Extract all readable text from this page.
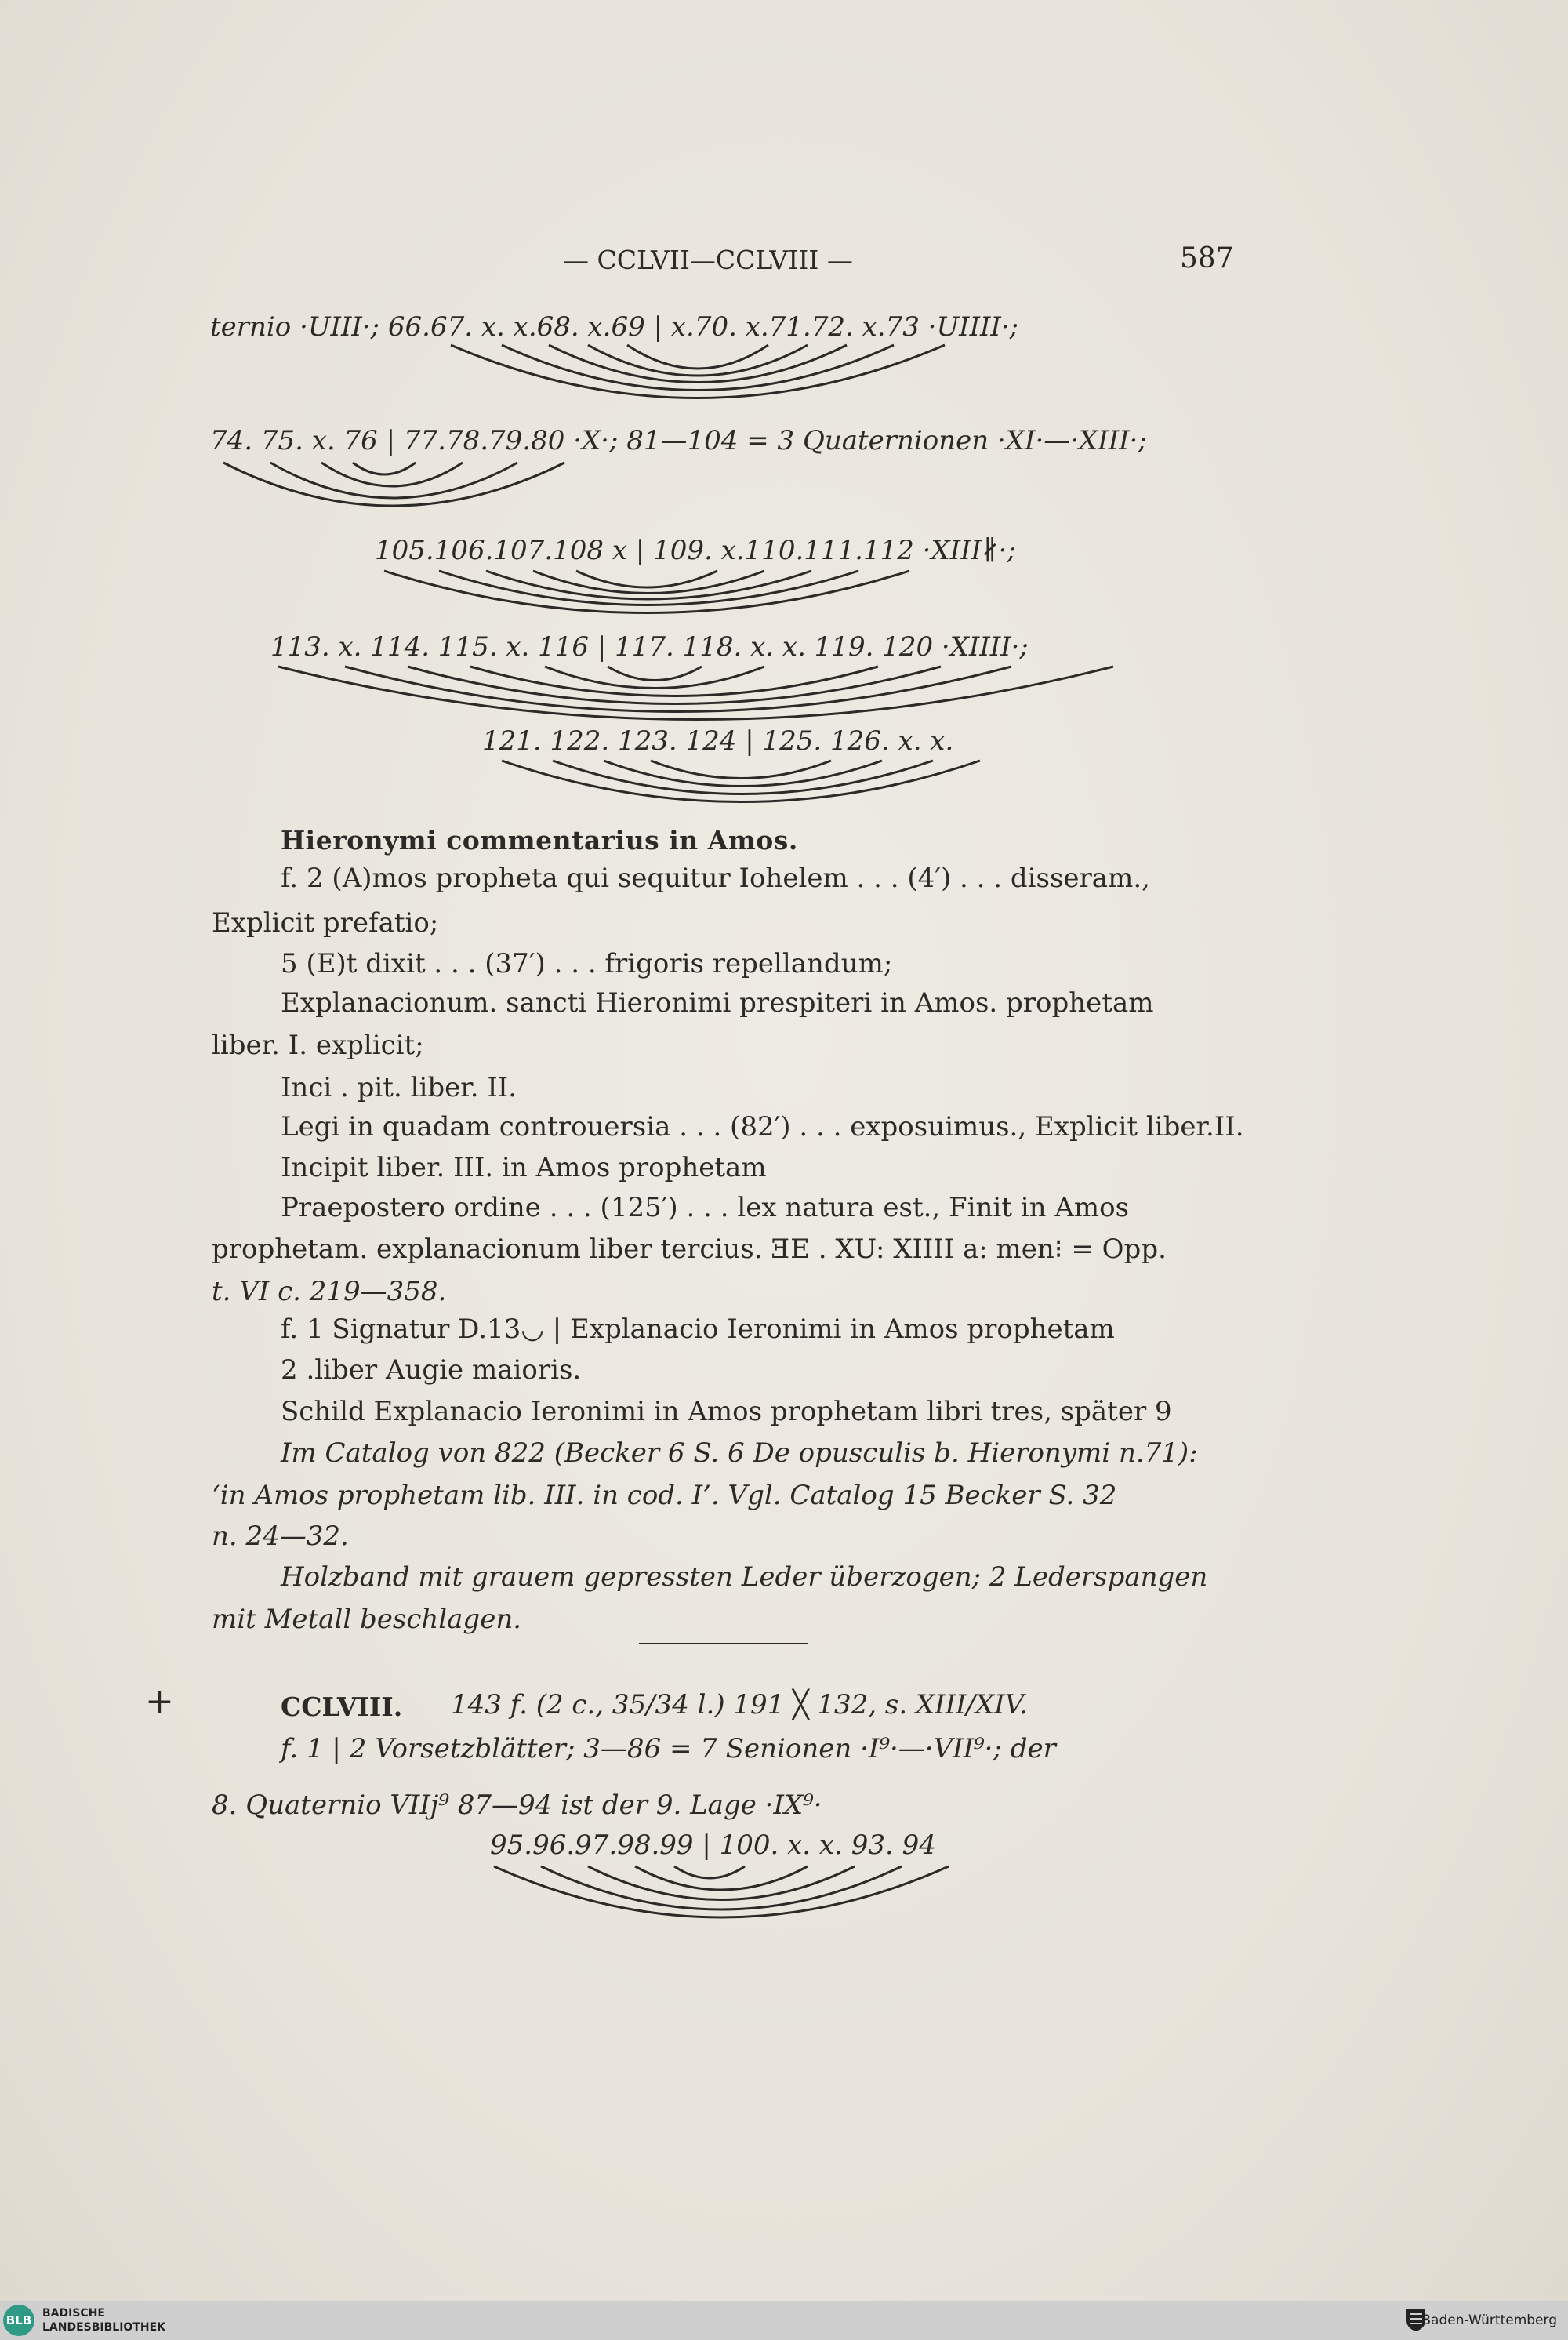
— CCLVII—CCLVIII —	587
ternio ·UIII·; 66.67. x. x.68. x.69 | x.70. x.71.72. x.73 ·UIIII·;
74. 75. x. 76 | 77.78.79.80 ·X·; 81—104 = 3 Quaternionen ·XI·—·XIII·;
105.106.107.108 x | 109. x.110.111.112 ·XIII∦·;
113. x. 114. 115. x. 116 | 117. 118. x. x. 119. 120 ·XIIII·;
121. 122. 123. 124 | 125. 126. x. x.
Hieronymi commentarius in Amos.
f. 2 (A)mos propheta qui sequitur Iohelem . . . (4′) . . . disseram.,
Explicit prefatio;
5 (E)t dixit . . . (37′) . . . frigoris repellandum;
Explanacionum. sancti Hieronimi prespiteri in Amos. prophetam
liber. I. explicit;
Inci . pit. liber. II.
Legi in quadam controuersia . . . (82′) . . . exposuimus., Explicit liber.II.
Incipit liber. III. in Amos prophetam
Praepostero ordine . . . (125′) . . . lex natura est., Finit in Amos
prophetam. explanacionum liber tercius. ƎE . XU: XIIII a: men⁝ = Opp.
t. VI c. 219—358.
f. 1 Signatur D.13◡ | Explanacio Ieronimi in Amos prophetam
2 .liber Augie maioris.
Schild Explanacio Ieronimi in Amos prophetam libri tres, später 9
Im Catalog von 822 (Becker 6 S. 6 De opusculis b. Hieronymi n.71):
‘in Amos prophetam lib. III. in cod. I’. Vgl. Catalog 15 Becker S. 32
n. 24—32.
Holzband mit grauem gepressten Leder überzogen; 2 Lederspangen
mit Metall beschlagen.
+	CCLVIII. 143 f. (2 c., 35/34 l.) 191 ╳ 132, s. XIII/XIV.
f. 1 | 2 Vorsetzblätter; 3—86 = 7 Senionen ·I⁹·—·VII⁹·; der
8. Quaternio VIIj⁹ 87—94 ist der 9. Lage ·IX⁹·
95.96.97.98.99 | 100. x. x. 93. 94
BLB BADISCHE
LANDESBIBLIOTHEK	Baden-Württemberg
